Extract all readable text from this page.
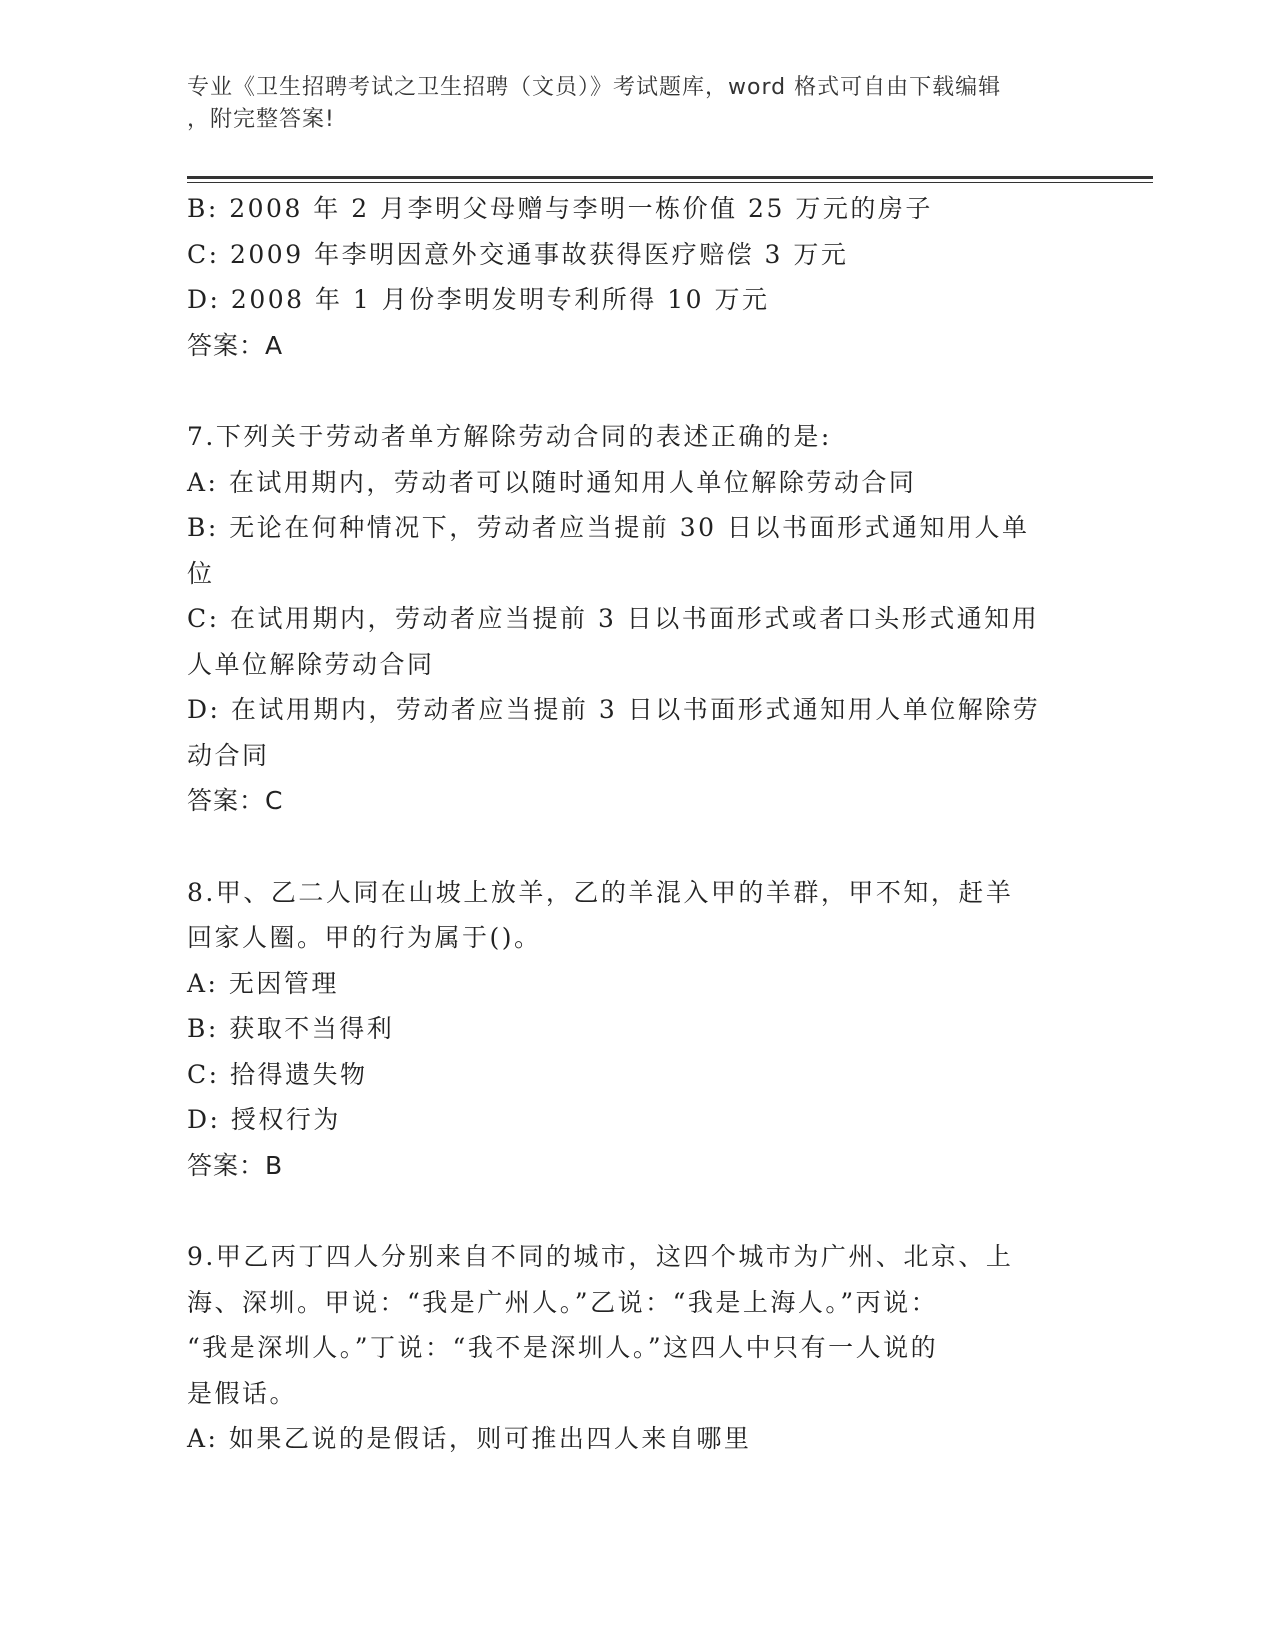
专业《卫生招聘考试之卫生招聘（文员）》考试题库，word 格式可自由下载编辑
，附完整答案!
B: 2008 年 2 月李明父母赠与李明一栋价值 25 万元的房子
C: 2009 年李明因意外交通事故获得医疗赔偿 3 万元
D: 2008 年 1 月份李明发明专利所得 10 万元
答案：A
7.下列关于劳动者单方解除劳动合同的表述正确的是:
A: 在试用期内，劳动者可以随时通知用人单位解除劳动合同
B: 无论在何种情况下，劳动者应当提前 30 日以书面形式通知用人单
位
C: 在试用期内，劳动者应当提前 3 日以书面形式或者口头形式通知用
人单位解除劳动合同
D: 在试用期内，劳动者应当提前 3 日以书面形式通知用人单位解除劳
动合同
答案：C
8.甲、乙二人同在山坡上放羊，乙的羊混入甲的羊群，甲不知，赶羊
回家人圈。甲的行为属于()。
A: 无因管理
B: 获取不当得利
C: 拾得遗失物
D: 授权行为
答案：B
9.甲乙丙丁四人分别来自不同的城市，这四个城市为广州、北京、上
海、深圳。甲说：“我是广州人。”乙说：“我是上海人。”丙说：
“我是深圳人。”丁说：“我不是深圳人。”这四人中只有一人说的
是假话。
A: 如果乙说的是假话，则可推出四人来自哪里
